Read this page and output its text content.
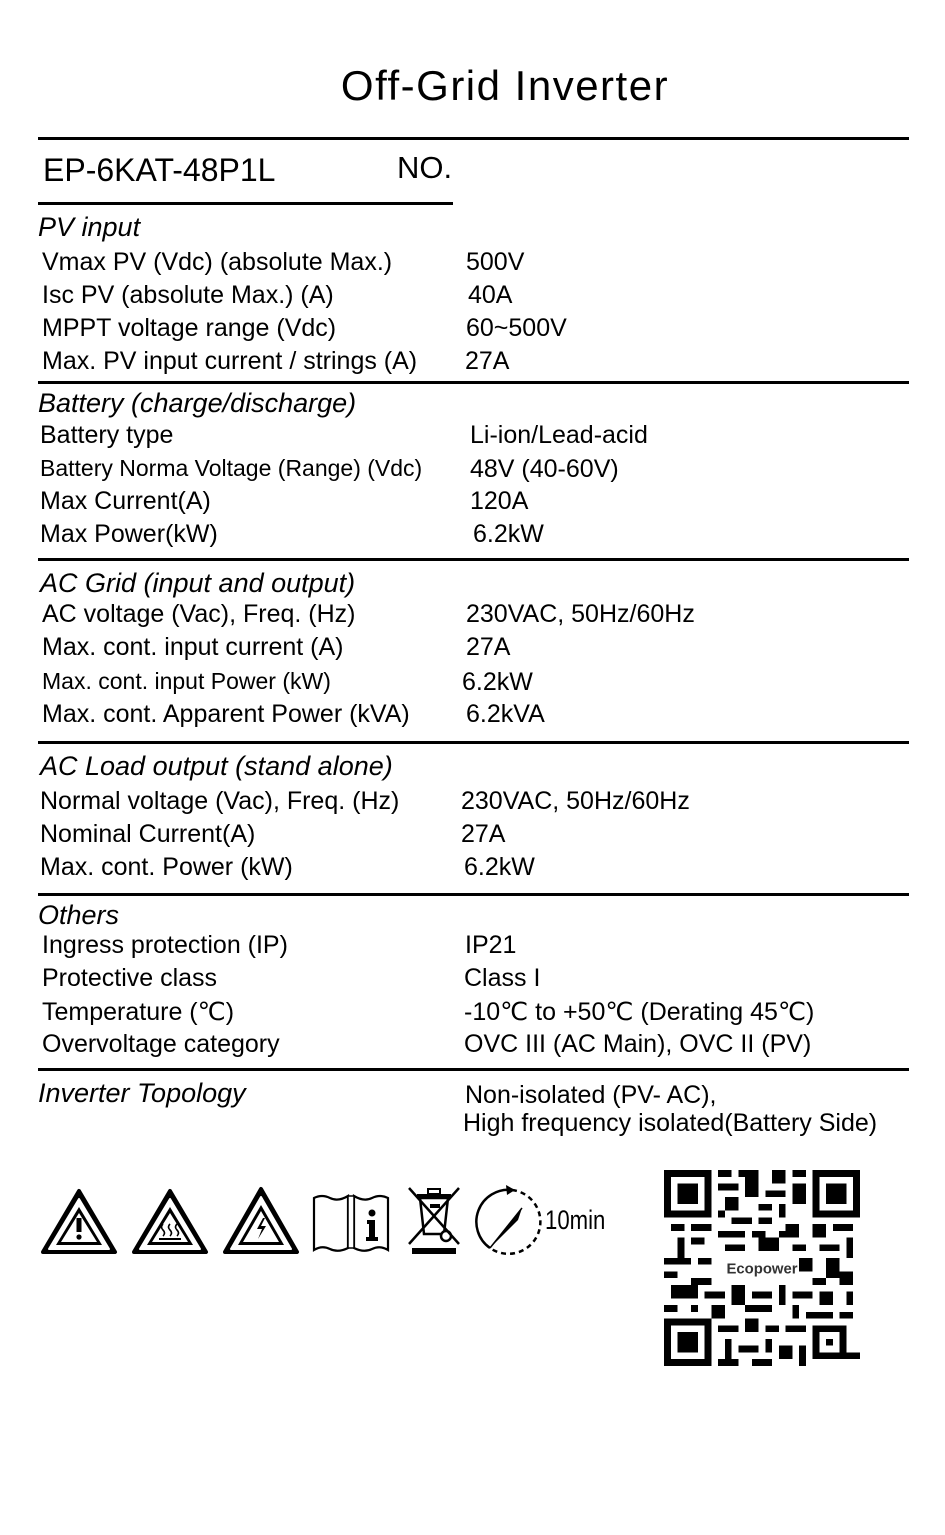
Off-Grid Inverter
EP-6KAT-48P1L	NO.
PV input
Vmax PV (Vdc) (absolute Max.)	500V
Isc PV (absolute Max.) (A)	40A
MPPT voltage range (Vdc)	60~500V
Max. PV input current / strings (A) 27A
Battery (charge/discharge)
Battery type	Li-ion/Lead-acid
Battery Norma Voltage (Range) (Vdc) 48V (40-60V)
Max Current(A)	120A
Max Power(kW)	6.2kW
AC Grid (input and output)
AC voltage (Vac), Freq. (Hz)	230VAC, 50Hz/60Hz
Max. cont. input current (A)	27A
Max. cont. input Power (kW)	6.2kW
Max. cont. Apparent Power (kVA) 6.2kVA
AC Load output (stand alone)
Normal voltage (Vac), Freq. (Hz) 230VAC, 50Hz/60Hz
Nominal Current(A)	27A
Max. cont. Power (kW)	6.2kW
Others
Ingress protection (IP)	IP21
Protective class	Class I
Temperature (℃)	-10℃ to +50℃ (Derating 45℃)
Overvoltage category	OVC III (AC Main), OVC II (PV)
Inverter Topology	Non-isolated (PV- AC),
High frequency isolated(Battery Side)
10min
Ecopower
